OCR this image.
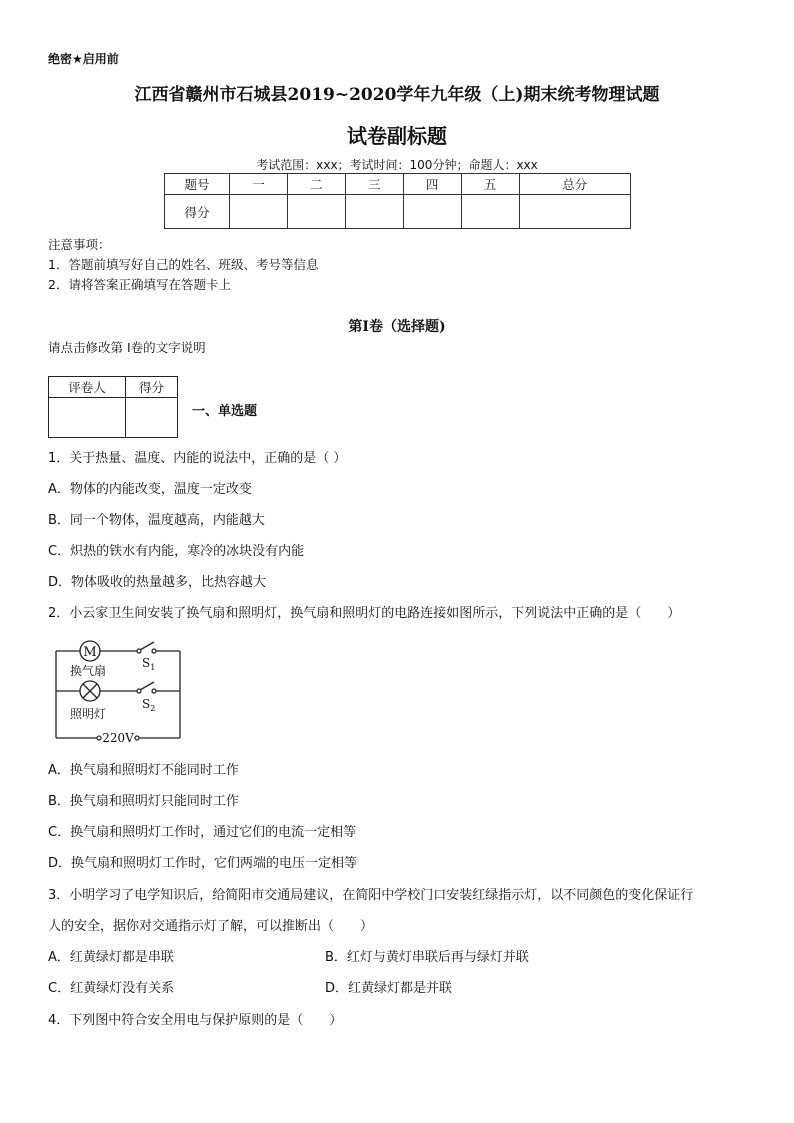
绝密★启用前
江西省赣州市石城县2019~2020学年九年级（上)期末统考物理试题
试卷副标题
考试范围：xxx；考试时间：100分钟；命题人：xxx
题号	一	二	三	四	五	总分
得分						
注意事项：
1．答题前填写好自己的姓名、班级、考号等信息
2．请将答案正确填写在答题卡上
第I卷（选择题)
请点击修改第 I卷的文字说明
评卷人	得分

一、单选题
1．关于热量、温度、内能的说法中，正确的是（ ）
A．物体的内能改变，温度一定改变
B．同一个物体，温度越高，内能越大
C．炽热的铁水有内能，寒冷的冰块没有内能
D．物体吸收的热量越多，比热容越大
2．小云家卫生间安装了换气扇和照明灯，换气扇和照明灯的电路连接如图所示，下列说法中正确的是（　　）
M
换气扇
$S_1$
照明灯
$S_2$
220V
A．换气扇和照明灯不能同时工作
B．换气扇和照明灯只能同时工作
C．换气扇和照明灯工作时，通过它们的电流一定相等
D．换气扇和照明灯工作时，它们两端的电压一定相等
3．小明学习了电学知识后，给简阳市交通局建议，在简阳中学校门口安装红绿指示灯，以不同颜色的变化保证行
人的安全，据你对交通指示灯了解，可以推断出（　　）
A．红黄绿灯都是串联	B．红灯与黄灯串联后再与绿灯并联
C．红黄绿灯没有关系	D．红黄绿灯都是并联
4．下列图中符合安全用电与保护原则的是（　　）
